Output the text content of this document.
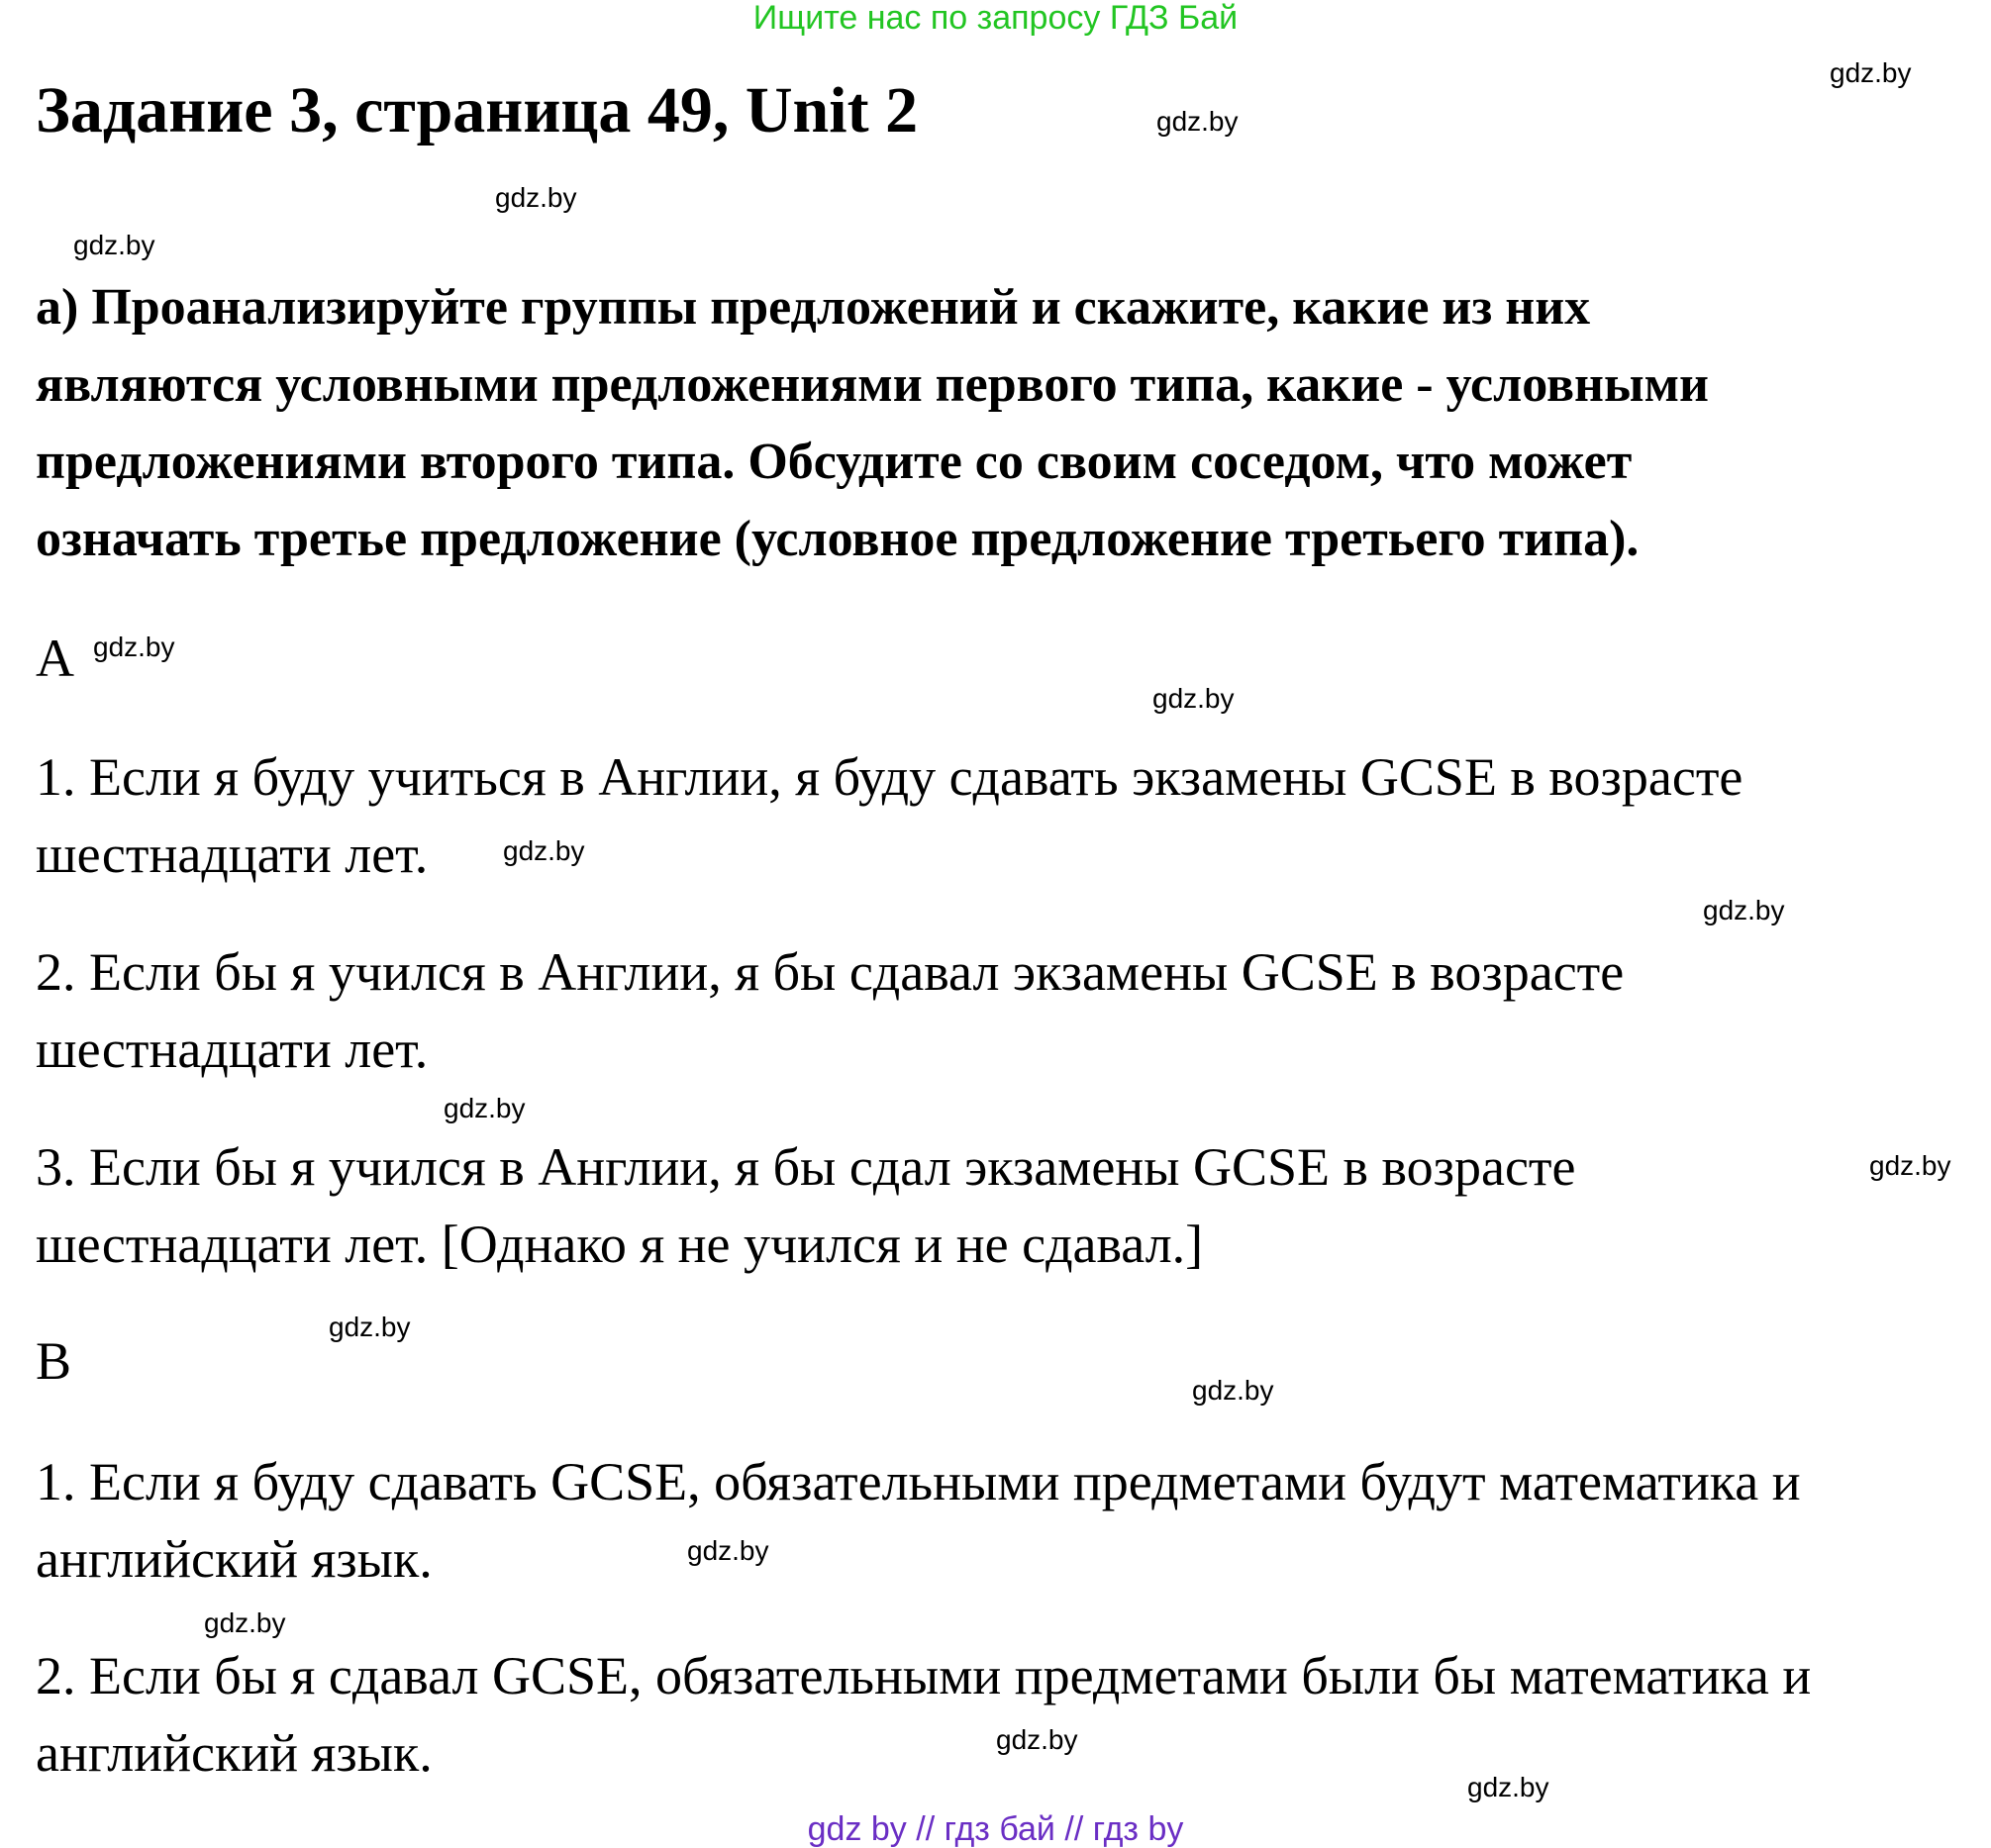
Ищите нас по запросу ГДЗ Бай
Задание 3, страница 49, Unit 2
а) Проанализируйте группы предложений и скажите, какие из них
являются условными предложениями первого типа, какие - условными
предложениями второго типа. Обсудите со своим соседом, что может
означать третье предложение (условное предложение третьего типа).
A
1. Если я буду учиться в Англии, я буду сдавать экзамены GCSE в возрасте
шестнадцати лет.
2. Если бы я учился в Англии, я бы сдавал экзамены GCSE в возрасте
шестнадцати лет.
3. Если бы я учился в Англии, я бы сдал экзамены GCSE в возрасте
шестнадцати лет. [Однако я не учился и не сдавал.]
B
1. Если я буду сдавать GCSE, обязательными предметами будут математика и
английский язык.
2. Если бы я сдавал GCSE, обязательными предметами были бы математика и
английский язык.
gdz.by
gdz.by
gdz.by
gdz.by
gdz.by
gdz.by
gdz.by
gdz.by
gdz.by
gdz.by
gdz.by
gdz.by
gdz.by
gdz.by
gdz.by
gdz.by
gdz by // гдз бай // гдз by
